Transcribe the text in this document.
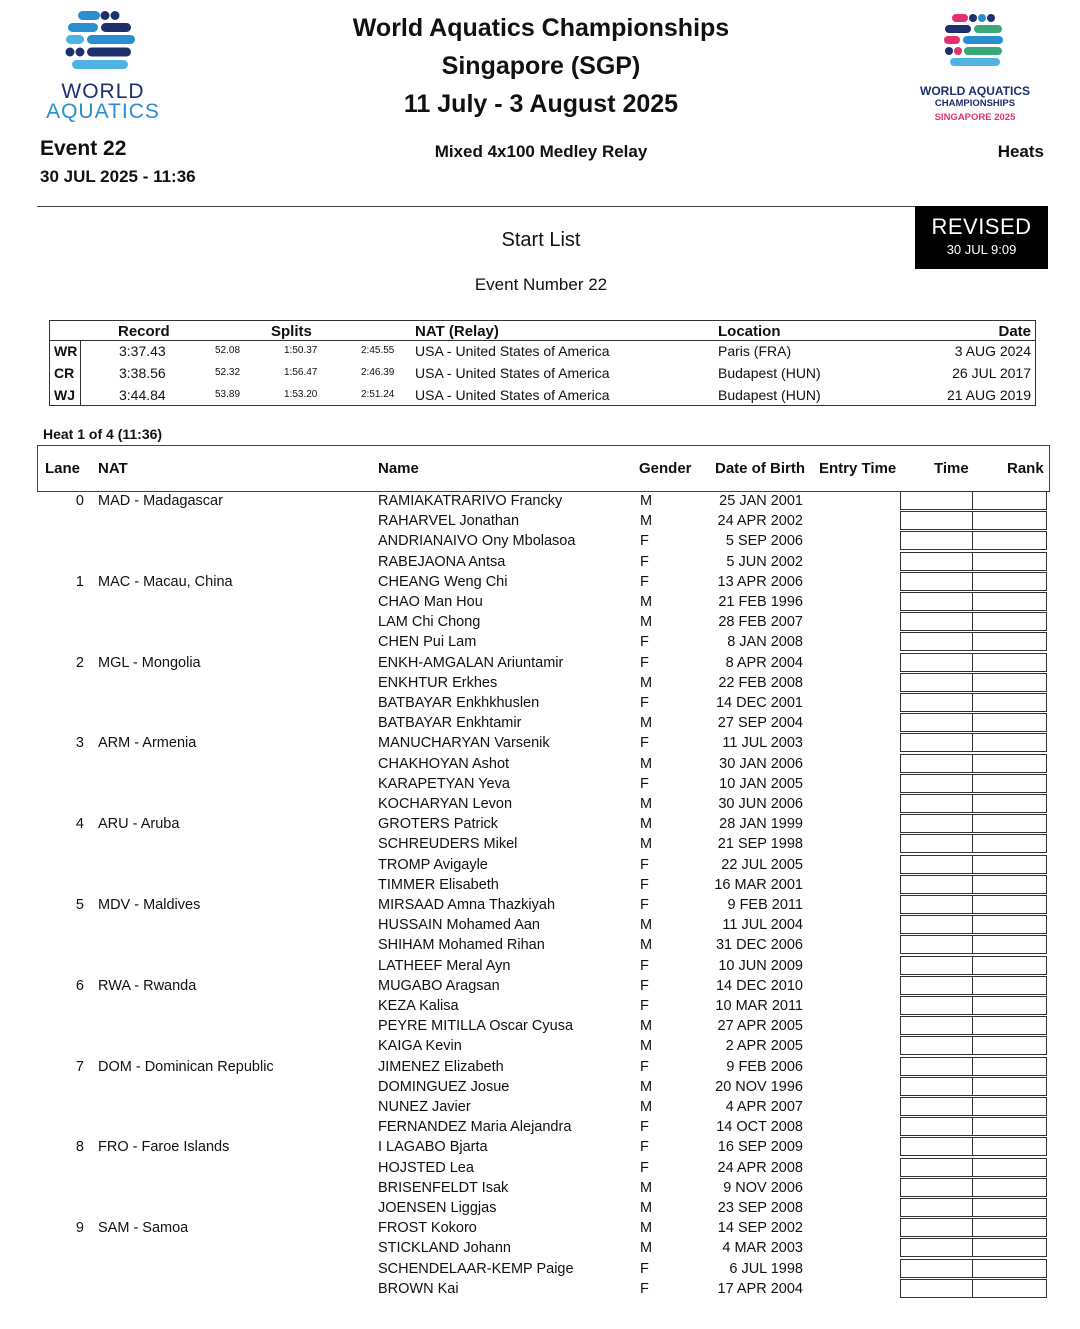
WORLD
AQUATICS
WORLD AQUATICS
CHAMPIONSHIPS
SINGAPORE 2025
World Aquatics Championships
Singapore (SGP)
11 July - 3 August 2025
Event 22
30 JUL 2025 - 11:36
Mixed 4x100 Medley Relay	Heats
Start List
Event Number 22
REVISED
30 JUL 9:09
Record	Splits	NAT (Relay)	Location	Date
WR	3:37.43	52.08	1:50.37	2:45.55 USA - United States of America	Paris (FRA)	3 AUG 2024
CR	3:38.56	52.32	1:56.47	2:46.39 USA - United States of America	Budapest (HUN)	26 JUL 2017
WJ	3:44.84	53.89	1:53.20	2:51.24 USA - United States of America	Budapest (HUN)	21 AUG 2019
Heat 1 of 4 (11:36)
Lane NAT	Name	Gender Date of Birth Entry Time	Time	Rank
0 MAD - Madagascar	RAMIAKATRARIVO Francky	M	25 JAN 2001
RAHARVEL Jonathan	M	24 APR 2002
ANDRIANAIVO Ony Mbolasoa	F	5 SEP 2006
RABEJAONA Antsa	F	5 JUN 2002
1 MAC - Macau, China	CHEANG Weng Chi	F	13 APR 2006
CHAO Man Hou	M	21 FEB 1996
LAM Chi Chong	M	28 FEB 2007
CHEN Pui Lam	F	8 JAN 2008
2 MGL - Mongolia	ENKH-AMGALAN Ariuntamir	F	8 APR 2004
ENKHTUR Erkhes	M	22 FEB 2008
BATBAYAR Enkhkhuslen	F	14 DEC 2001
BATBAYAR Enkhtamir	M	27 SEP 2004
3 ARM - Armenia	MANUCHARYAN Varsenik	F	11 JUL 2003
CHAKHOYAN Ashot	M	30 JAN 2006
KARAPETYAN Yeva	F	10 JAN 2005
KOCHARYAN Levon	M	30 JUN 2006
4 ARU - Aruba	GROTERS Patrick	M	28 JAN 1999
SCHREUDERS Mikel	M	21 SEP 1998
TROMP Avigayle	F	22 JUL 2005
TIMMER Elisabeth	F	16 MAR 2001
5 MDV - Maldives	MIRSAAD Amna Thazkiyah	F	9 FEB 2011
HUSSAIN Mohamed Aan	M	11 JUL 2004
SHIHAM Mohamed Rihan	M	31 DEC 2006
LATHEEF Meral Ayn	F	10 JUN 2009
6 RWA - Rwanda	MUGABO Aragsan	F	14 DEC 2010
KEZA Kalisa	F	10 MAR 2011
PEYRE MITILLA Oscar Cyusa	M	27 APR 2005
KAIGA Kevin	M	2 APR 2005
7 DOM - Dominican Republic	JIMENEZ Elizabeth	F	9 FEB 2006
DOMINGUEZ Josue	M	20 NOV 1996
NUNEZ Javier	M	4 APR 2007
FERNANDEZ Maria Alejandra	F	14 OCT 2008
8 FRO - Faroe Islands	I LAGABO Bjarta	F	16 SEP 2009
HOJSTED Lea	F	24 APR 2008
BRISENFELDT Isak	M	9 NOV 2006
JOENSEN Liggjas	M	23 SEP 2008
9 SAM - Samoa	FROST Kokoro	M	14 SEP 2002
STICKLAND Johann	M	4 MAR 2003
SCHENDELAAR-KEMP Paige	F	6 JUL 1998
BROWN Kai	F	17 APR 2004
